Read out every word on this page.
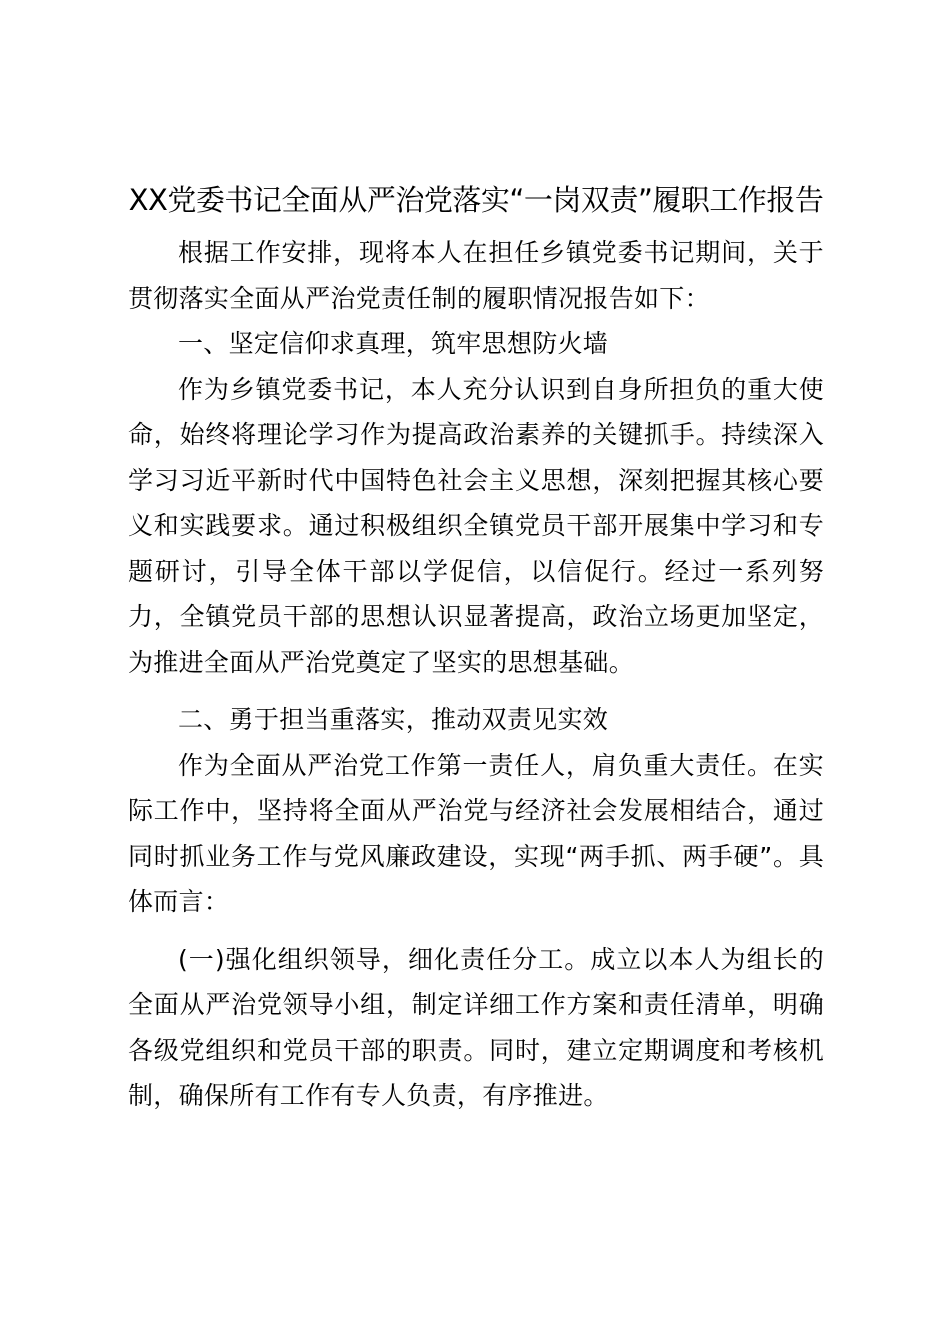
XX党委书记全面从严治党落实“一岗双责”履职工作报告

根据工作安排，现将本人在担任乡镇党委书记期间，关于贯彻落实全面从严治党责任制的履职情况报告如下：

一、坚定信仰求真理，筑牢思想防火墙

作为乡镇党委书记，本人充分认识到自身所担负的重大使命，始终将理论学习作为提高政治素养的关键抓手。持续深入学习习近平新时代中国特色社会主义思想，深刻把握其核心要义和实践要求。通过积极组织全镇党员干部开展集中学习和专题研讨，引导全体干部以学促信，以信促行。经过一系列努力，全镇党员干部的思想认识显著提高，政治立场更加坚定，为推进全面从严治党奠定了坚实的思想基础。

二、勇于担当重落实，推动双责见实效

作为全面从严治党工作第一责任人，肩负重大责任。在实际工作中，坚持将全面从严治党与经济社会发展相结合，通过同时抓业务工作与党风廉政建设，实现“两手抓、两手硬”。具体而言：

(一)强化组织领导，细化责任分工。成立以本人为组长的全面从严治党领导小组，制定详细工作方案和责任清单，明确各级党组织和党员干部的职责。同时，建立定期调度和考核机制，确保所有工作有专人负责，有序推进。
